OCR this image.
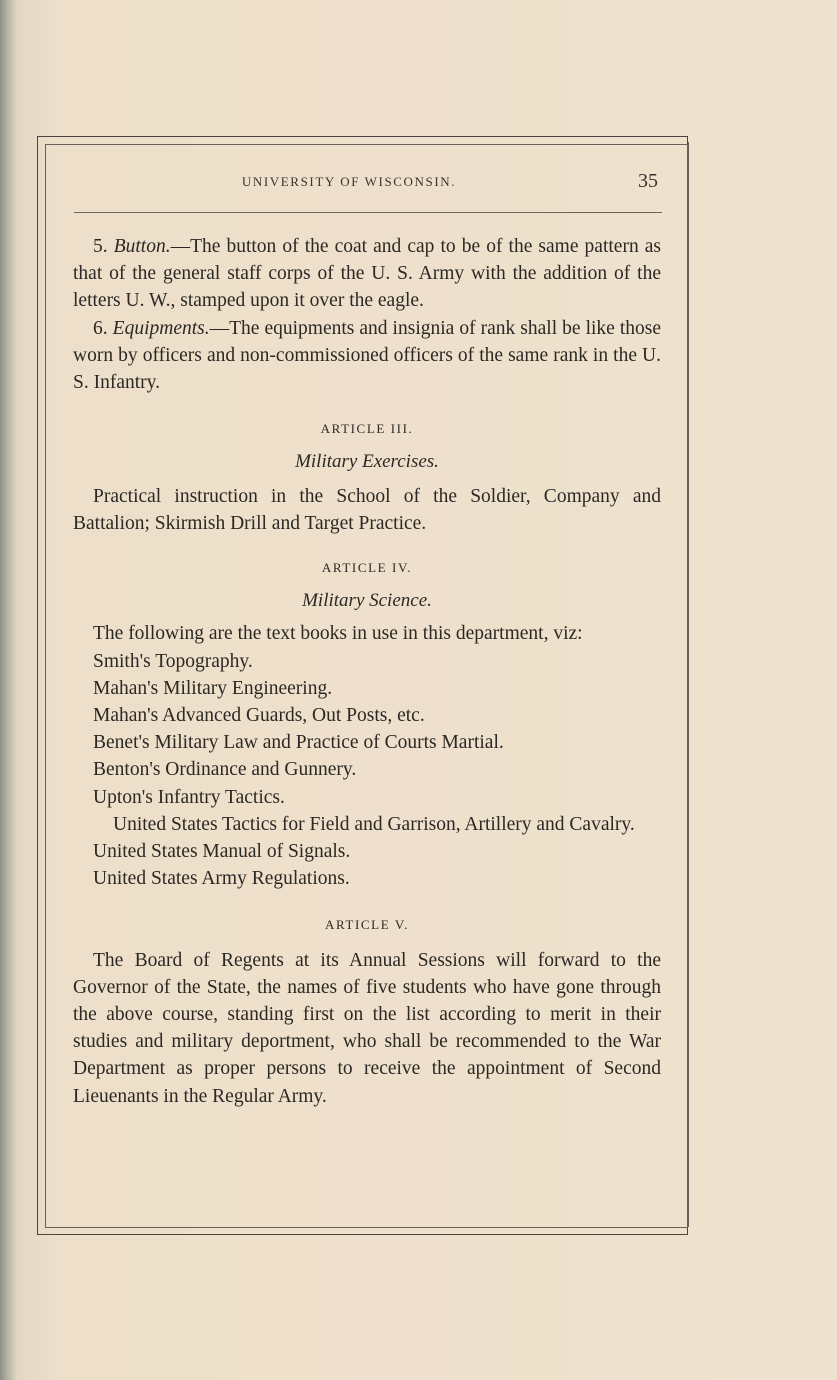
UNIVERSITY OF WISCONSIN.	35

5. Button.—The button of the coat and cap to be of the same pattern as that of the general staff corps of the U. S. Army with the addition of the letters U. W., stamped upon it over the eagle.

6. Equipments.—The equipments and insignia of rank shall be like those worn by officers and non-commissioned officers of the same rank in the U. S. Infantry.

ARTICLE III.

Military Exercises.

Practical instruction in the School of the Soldier, Company and Battalion; Skirmish Drill and Target Practice.

ARTICLE IV.

Military Science.

The following are the text books in use in this department, viz:

Smith's Topography.

Mahan's Military Engineering.

Mahan's Advanced Guards, Out Posts, etc.

Benet's Military Law and Practice of Courts Martial.

Benton's Ordinance and Gunnery.

Upton's Infantry Tactics.

United States Tactics for Field and Garrison, Artillery and Cavalry.

United States Manual of Signals.

United States Army Regulations.

ARTICLE V.

The Board of Regents at its Annual Sessions will forward to the Governor of the State, the names of five students who have gone through the above course, standing first on the list according to merit in their studies and military deportment, who shall be recommended to the War Department as proper persons to receive the appointment of Second Lieuenants in the Regular Army.
